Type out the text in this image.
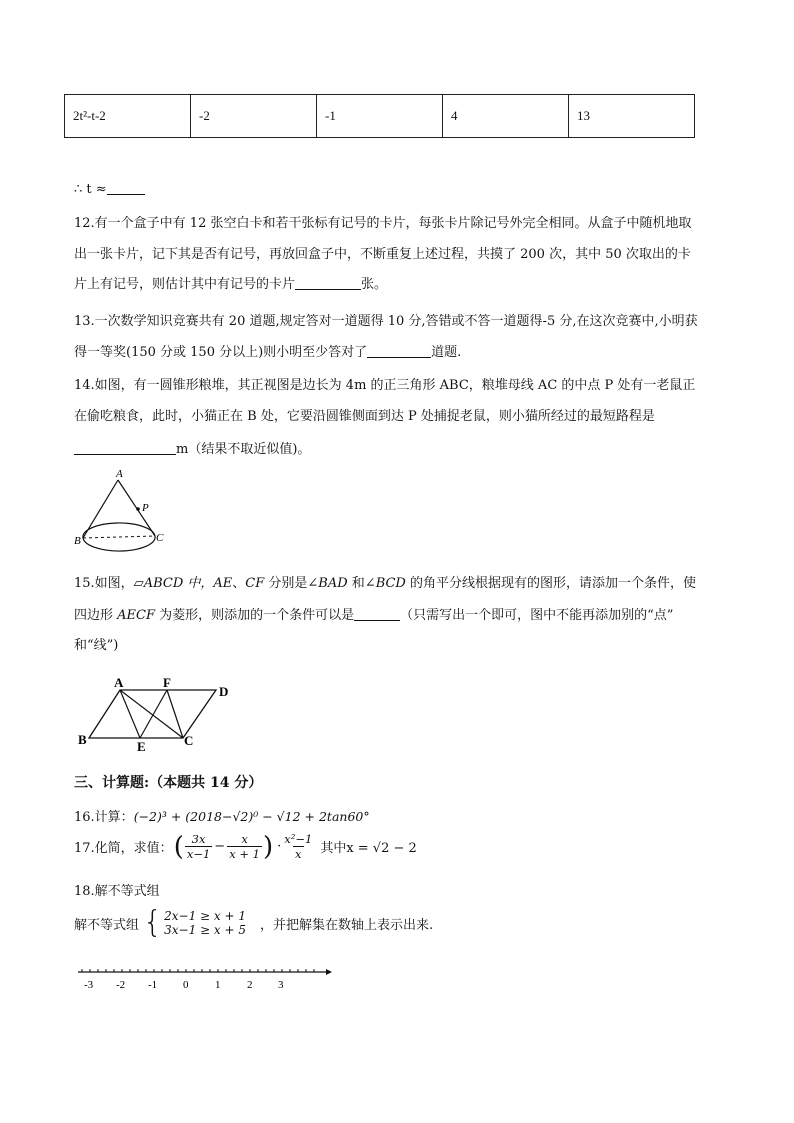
2t²-t-2	-2	-1	4	13
∴ t ≈
12.有一个盒子中有 12 张空白卡和若干张标有记号的卡片，每张卡片除记号外完全相同。从盒子中随机地取
出一张卡片，记下其是否有记号，再放回盒子中，不断重复上述过程，共摸了 200 次，其中 50 次取出的卡
片上有记号，则估计其中有记号的卡片	张。
13.一次数学知识竞赛共有 20 道题,规定答对一道题得 10 分,答错或不答一道题得-5 分,在这次竞赛中,小明获
得一等奖(150 分或 150 分以上)则小明至少答对了	道题.
14.如图，有一圆锥形粮堆，其正视图是边长为 4m 的正三角形 ABC，粮堆母线 AC 的中点 P 处有一老鼠正
在偷吃粮食，此时，小猫正在 B 处，它要沿圆锥侧面到达 P 处捕捉老鼠，则小猫所经过的最短路程是
m（结果不取近似值)。
A
P
B	C
15.如图，▱ABCD 中，AE、CF 分别是∠BAD 和∠BCD 的角平分线根据现有的图形，请添加一个条件，使
四边形 AECF 为菱形，则添加的一个条件可以是	（只需写出一个即可，图中不能再添加别的“点”
和“线”)
A	F
D
B	E	C
三、计算题:（本题共 14 分）
16.计算：(−2)³ + (2018−√2)⁰ − √12 + 2tan60°
17.化简，求值： ( $\frac{3x}{x-1} - \frac{x}{x + 1}$ ) · $\frac{\text{x²−1}}{x}$ 其中x = √2 − 2
18.解不等式组
解不等式组 { 2x−1 ≥ x + 1
3x−1 ≥ x + 5 ，并把解集在数轴上表示出来.
-3 -2 -1 0 1 2 3
